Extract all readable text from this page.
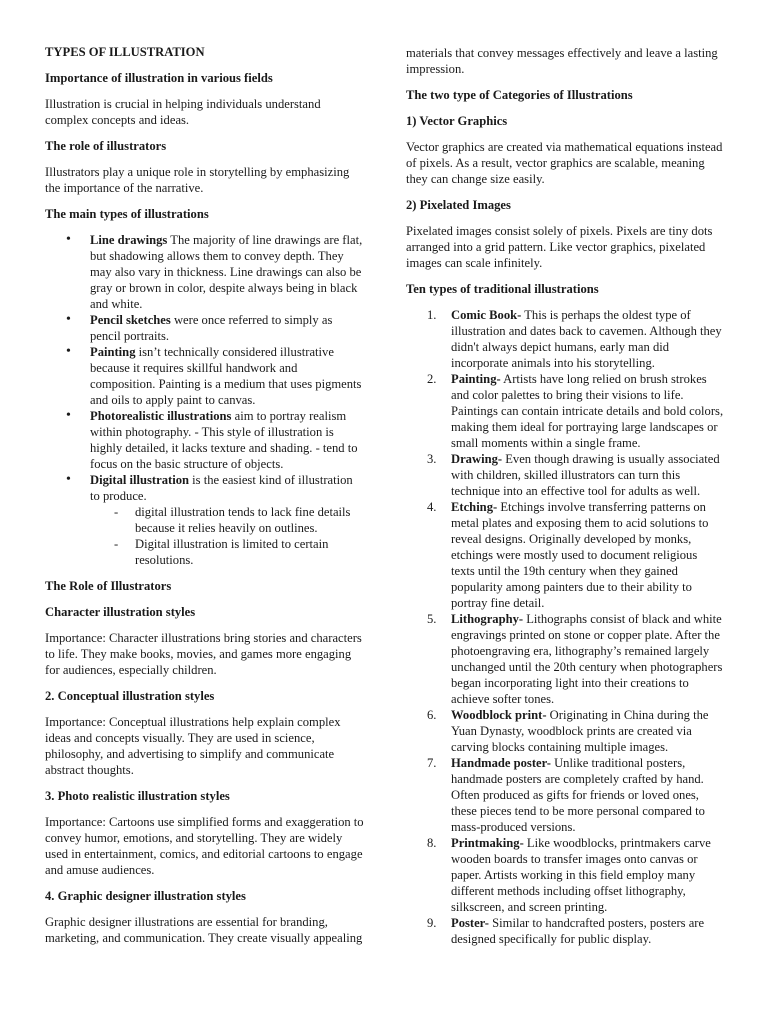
TYPES OF ILLUSTRATION

Importance of illustration in various fields

Illustration is crucial in helping individuals understand complex concepts and ideas.

The role of illustrators

Illustrators play a unique role in storytelling by emphasizing the importance of the narrative.

The main types of illustrations

• Line drawings The majority of line drawings are flat, but shadowing allows them to convey depth. They may also vary in thickness. Line drawings can also be gray or brown in color, despite always being in black and white.
• Pencil sketches were once referred to simply as pencil portraits.
• Painting isn’t technically considered illustrative because it requires skillful handwork and composition. Painting is a medium that uses pigments and oils to apply paint to canvas.
• Photorealistic illustrations aim to portray realism within photography. - This style of illustration is highly detailed, it lacks texture and shading. - tend to focus on the basic structure of objects.
• Digital illustration is the easiest kind of illustration to produce.
- digital illustration tends to lack fine details because it relies heavily on outlines.
- Digital illustration is limited to certain resolutions.

The Role of Illustrators

Character illustration styles

Importance: Character illustrations bring stories and characters to life. They make books, movies, and games more engaging for audiences, especially children.

2. Conceptual illustration styles

Importance: Conceptual illustrations help explain complex ideas and concepts visually. They are used in science, philosophy, and advertising to simplify and communicate abstract thoughts.

3. Photo realistic illustration styles

Importance: Cartoons use simplified forms and exaggeration to convey humor, emotions, and storytelling. They are widely used in entertainment, comics, and editorial cartoons to engage and amuse audiences.

4. Graphic designer illustration styles

Graphic designer illustrations are essential for branding, marketing, and communication. They create visually appealing

materials that convey messages effectively and leave a lasting impression.

The two type of Categories of Illustrations

1) Vector Graphics

Vector graphics are created via mathematical equations instead of pixels. As a result, vector graphics are scalable, meaning they can change size easily.

2) Pixelated Images

Pixelated images consist solely of pixels. Pixels are tiny dots arranged into a grid pattern. Like vector graphics, pixelated images can scale infinitely.

Ten types of traditional illustrations

1. Comic Book- This is perhaps the oldest type of illustration and dates back to cavemen. Although they didn't always depict humans, early man did incorporate animals into his storytelling.
2. Painting- Artists have long relied on brush strokes and color palettes to bring their visions to life. Paintings can contain intricate details and bold colors, making them ideal for portraying large landscapes or small moments within a single frame.
3. Drawing- Even though drawing is usually associated with children, skilled illustrators can turn this technique into an effective tool for adults as well.
4. Etching- Etchings involve transferring patterns on metal plates and exposing them to acid solutions to reveal designs. Originally developed by monks, etchings were mostly used to document religious texts until the 19th century when they gained popularity among painters due to their ability to portray fine detail.
5. Lithography- Lithographs consist of black and white engravings printed on stone or copper plate. After the photoengraving era, lithography’s remained largely unchanged until the 20th century when photographers began incorporating light into their creations to achieve softer tones.
6. Woodblock print- Originating in China during the Yuan Dynasty, woodblock prints are created via carving blocks containing multiple images.
7. Handmade poster- Unlike traditional posters, handmade posters are completely crafted by hand. Often produced as gifts for friends or loved ones, these pieces tend to be more personal compared to mass-produced versions.
8. Printmaking- Like woodblocks, printmakers carve wooden boards to transfer images onto canvas or paper. Artists working in this field employ many different methods including offset lithography, silkscreen, and screen printing.
9. Poster- Similar to handcrafted posters, posters are designed specifically for public display.
